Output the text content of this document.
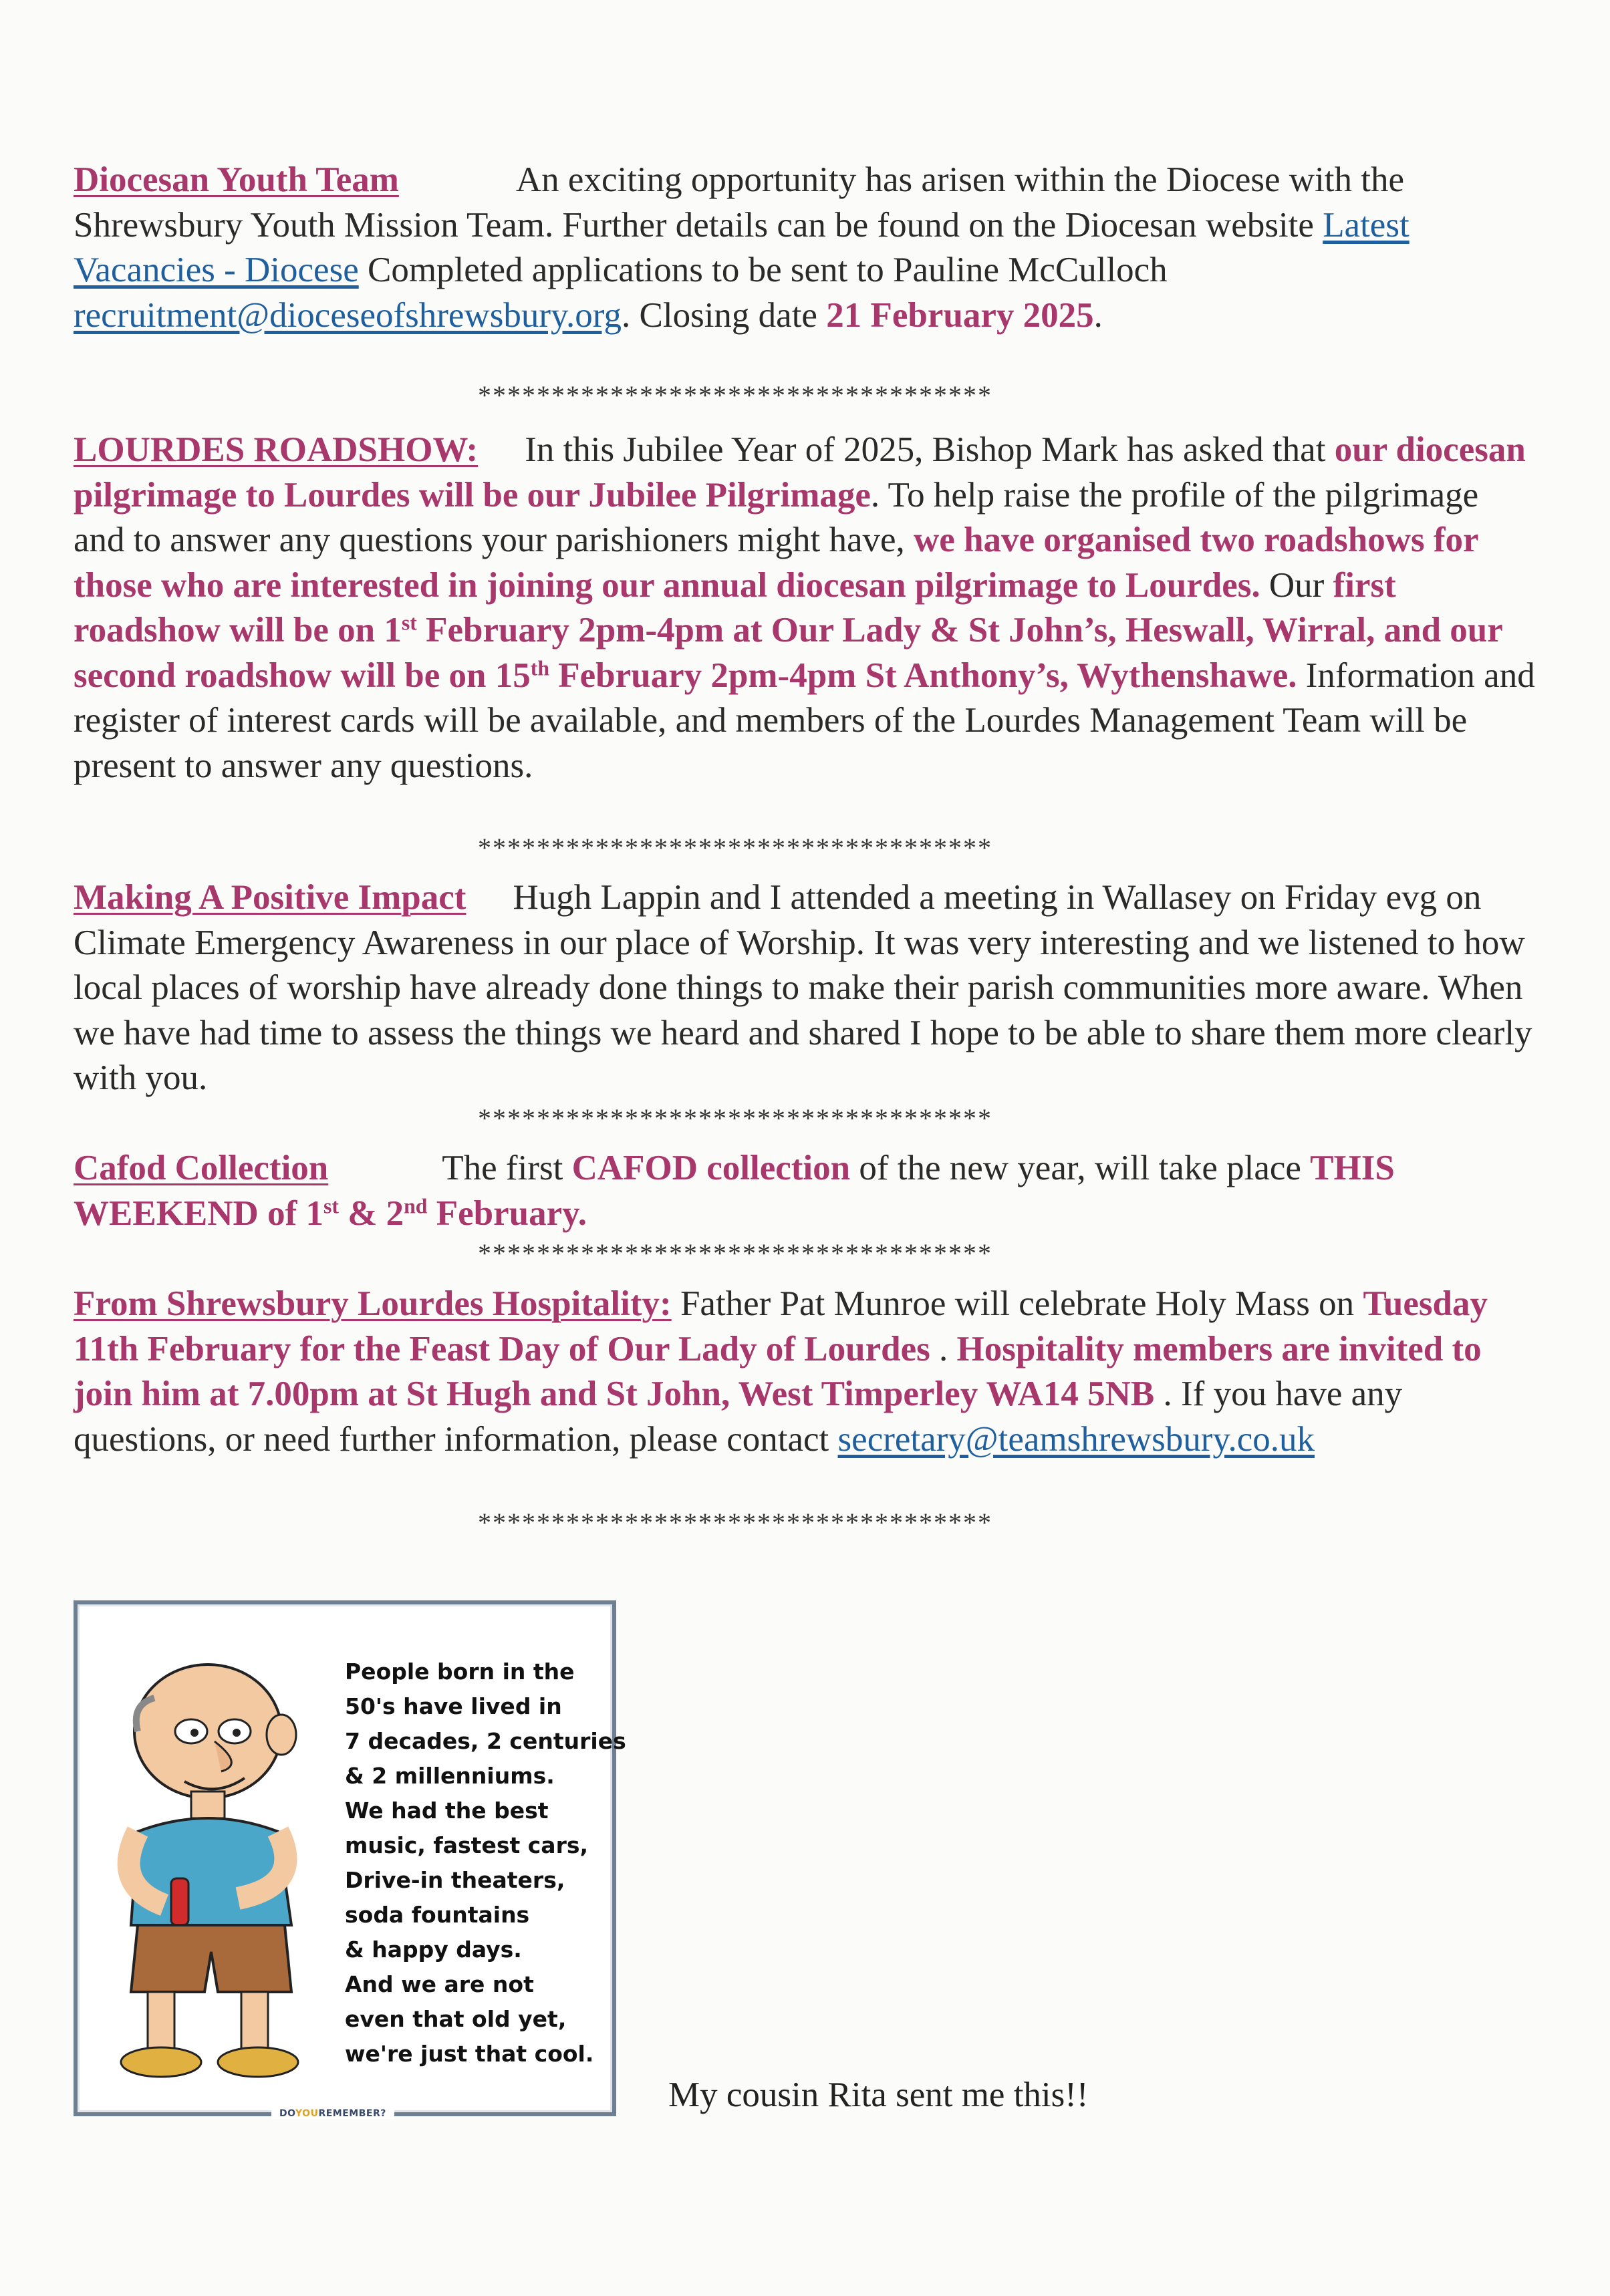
Diocesan Youth Team	An exciting opportunity has arisen within the Diocese with the Shrewsbury Youth Mission Team. Further details can be found on the Diocesan website Latest Vacancies - Diocese Completed applications to be sent to Pauline McCulloch recruitment@dioceseofshrewsbury.org. Closing date 21 February 2025.
***********************************
LOURDES ROADSHOW: In this Jubilee Year of 2025, Bishop Mark has asked that our diocesan pilgrimage to Lourdes will be our Jubilee Pilgrimage. To help raise the profile of the pilgrimage and to answer any questions your parishioners might have, we have organised two roadshows for those who are interested in joining our annual diocesan pilgrimage to Lourdes. Our first roadshow will be on 1st February 2pm-4pm at Our Lady & St John’s, Heswall, Wirral, and our second roadshow will be on 15th February 2pm-4pm St Anthony’s, Wythenshawe. Information and register of interest cards will be available, and members of the Lourdes Management Team will be present to answer any questions.
***********************************
Making A Positive Impact Hugh Lappin and I attended a meeting in Wallasey on Friday evg on Climate Emergency Awareness in our place of Worship. It was very interesting and we listened to how local places of worship have already done things to make their parish communities more aware. When we have had time to assess the things we heard and shared I hope to be able to share them more clearly with you.
***********************************
Cafod Collection	The first CAFOD collection of the new year, will take place THIS WEEKEND of 1st & 2nd February.
***********************************
From Shrewsbury Lourdes Hospitality: Father Pat Munroe will celebrate Holy Mass on Tuesday 11th February for the Feast Day of Our Lady of Lourdes . Hospitality members are invited to join him at 7.00pm at St Hugh and St John, West Timperley WA14 5NB . If you have any questions, or need further information, please contact secretary@teamshrewsbury.co.uk
***********************************
People born in the
50's have lived in
7 decades, 2 centuries
& 2 millenniums.
We had the best
music, fastest cars,
Drive-in theaters,
soda fountains
& happy days.
And we are not
even that old yet,
we're just that cool.
DOYOUREMEMBER?	My cousin Rita sent me this!!
